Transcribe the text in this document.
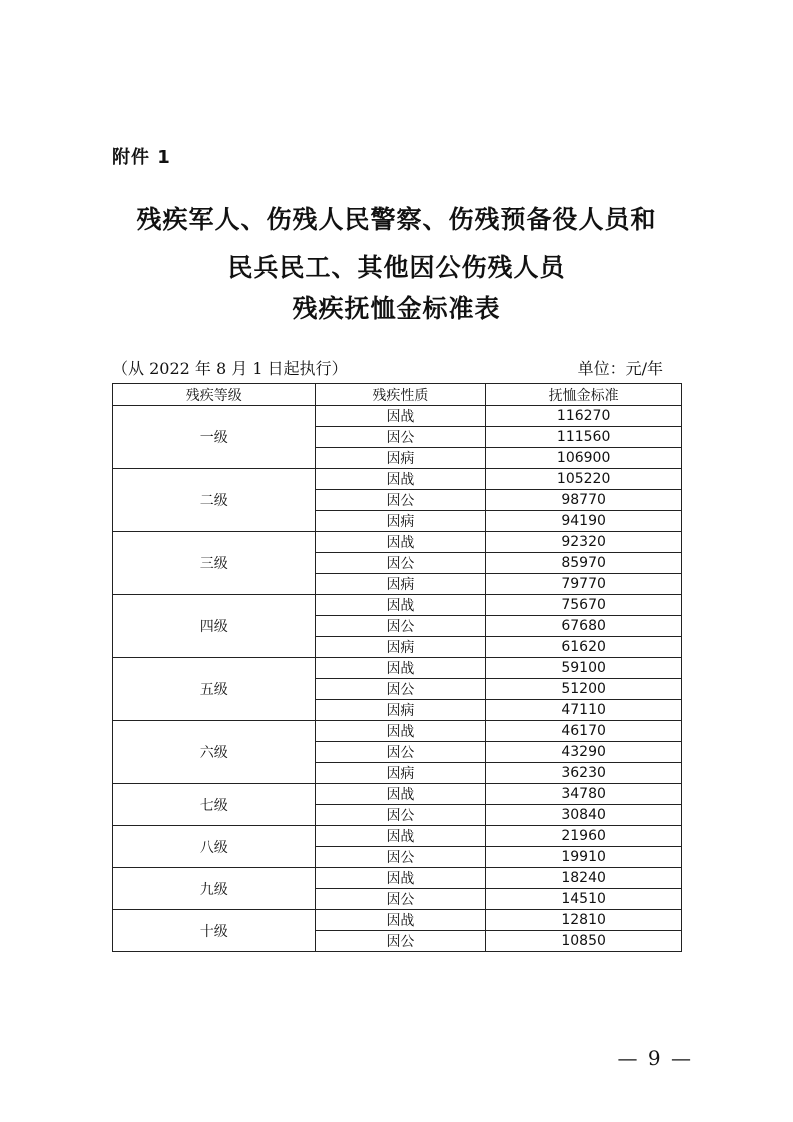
附件 1
残疾军人、伤残人民警察、伤残预备役人员和
民兵民工、其他因公伤残人员
残疾抚恤金标准表
（从 2022 年 8 月 1 日起执行）	单位：元/年
残疾等级	残疾性质	抚恤金标准
一级	因战	116270
	因公	111560
	因病	106900
二级	因战	105220
	因公	98770
	因病	94190
三级	因战	92320
	因公	85970
	因病	79770
四级	因战	75670
	因公	67680
	因病	61620
五级	因战	59100
	因公	51200
	因病	47110
六级	因战	46170
	因公	43290
	因病	36230
七级	因战	34780
	因公	30840
八级	因战	21960
	因公	19910
九级	因战	18240
	因公	14510
十级	因战	12810
	因公	10850
— 9 —
